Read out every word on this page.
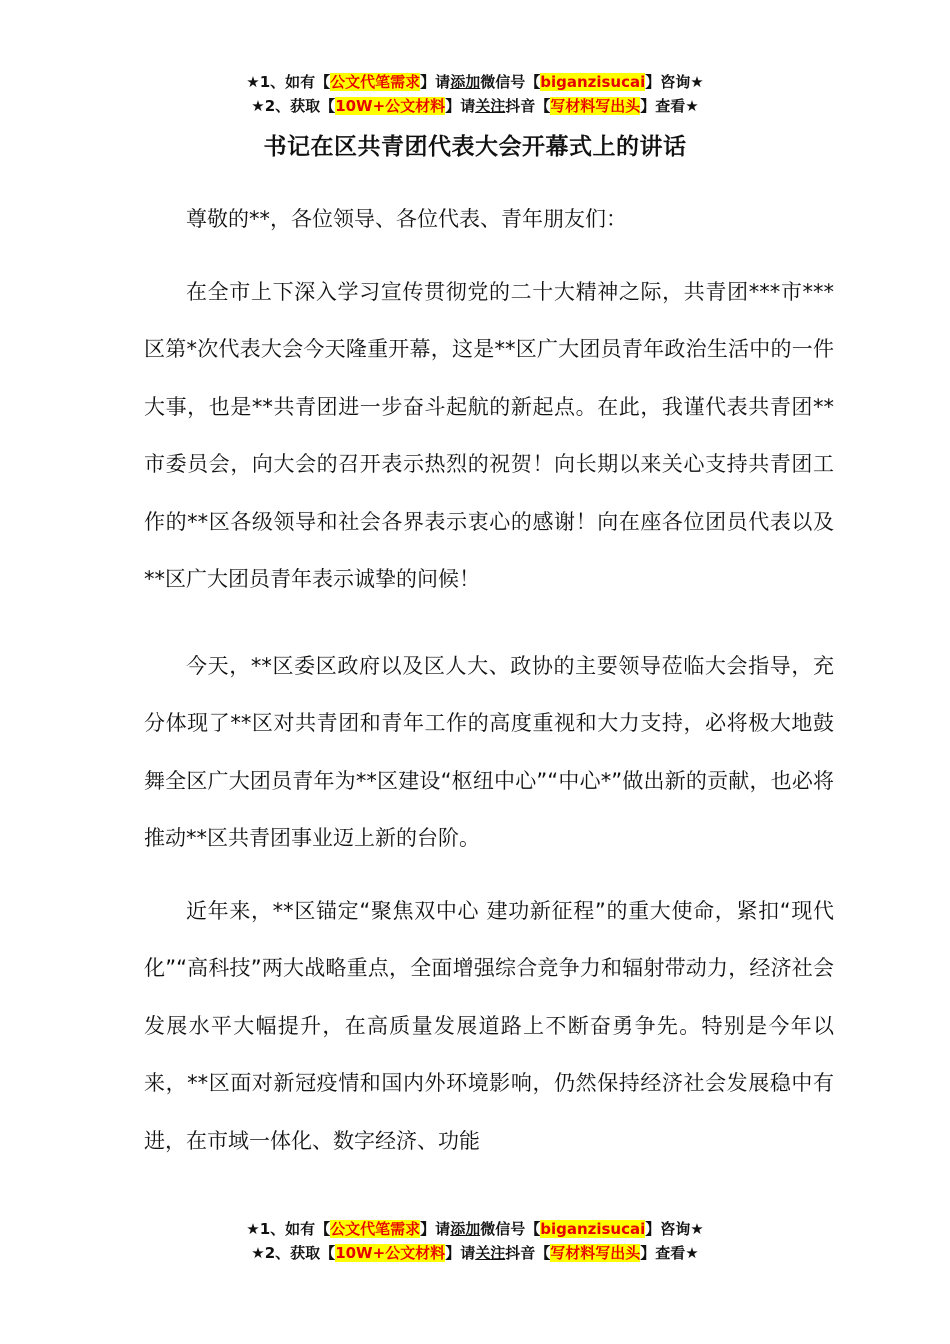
★1、如有【公文代笔需求】请添加微信号【biganzisucai】咨询★
★2、获取【10W+公文材料】请关注抖音【写材料写出头】查看★
书记在区共青团代表大会开幕式上的讲话

尊敬的**，各位领导、各位代表、青年朋友们：

在全市上下深入学习宣传贯彻党的二十大精神之际，共青团***市***区第*次代表大会今天隆重开幕，这是**区广大团员青年政治生活中的一件大事，也是**共青团进一步奋斗起航的新起点。在此，我谨代表共青团**市委员会，向大会的召开表示热烈的祝贺！向长期以来关心支持共青团工作的**区各级领导和社会各界表示衷心的感谢！向在座各位团员代表以及**区广大团员青年表示诚挚的问候！

今天，**区委区政府以及区人大、政协的主要领导莅临大会指导，充分体现了**区对共青团和青年工作的高度重视和大力支持，必将极大地鼓舞全区广大团员青年为**区建设“枢纽中心”“中心*”做出新的贡献，也必将推动**区共青团事业迈上新的台阶。

近年来，**区锚定“聚焦双中心 建功新征程”的重大使命，紧扣“现代化”“高科技”两大战略重点，全面增强综合竞争力和辐射带动力，经济社会发展水平大幅提升，在高质量发展道路上不断奋勇争先。特别是今年以来，**区面对新冠疫情和国内外环境影响，仍然保持经济社会发展稳中有进，在市域一体化、数字经济、功能

★1、如有【公文代笔需求】请添加微信号【biganzisucai】咨询★
★2、获取【10W+公文材料】请关注抖音【写材料写出头】查看★
